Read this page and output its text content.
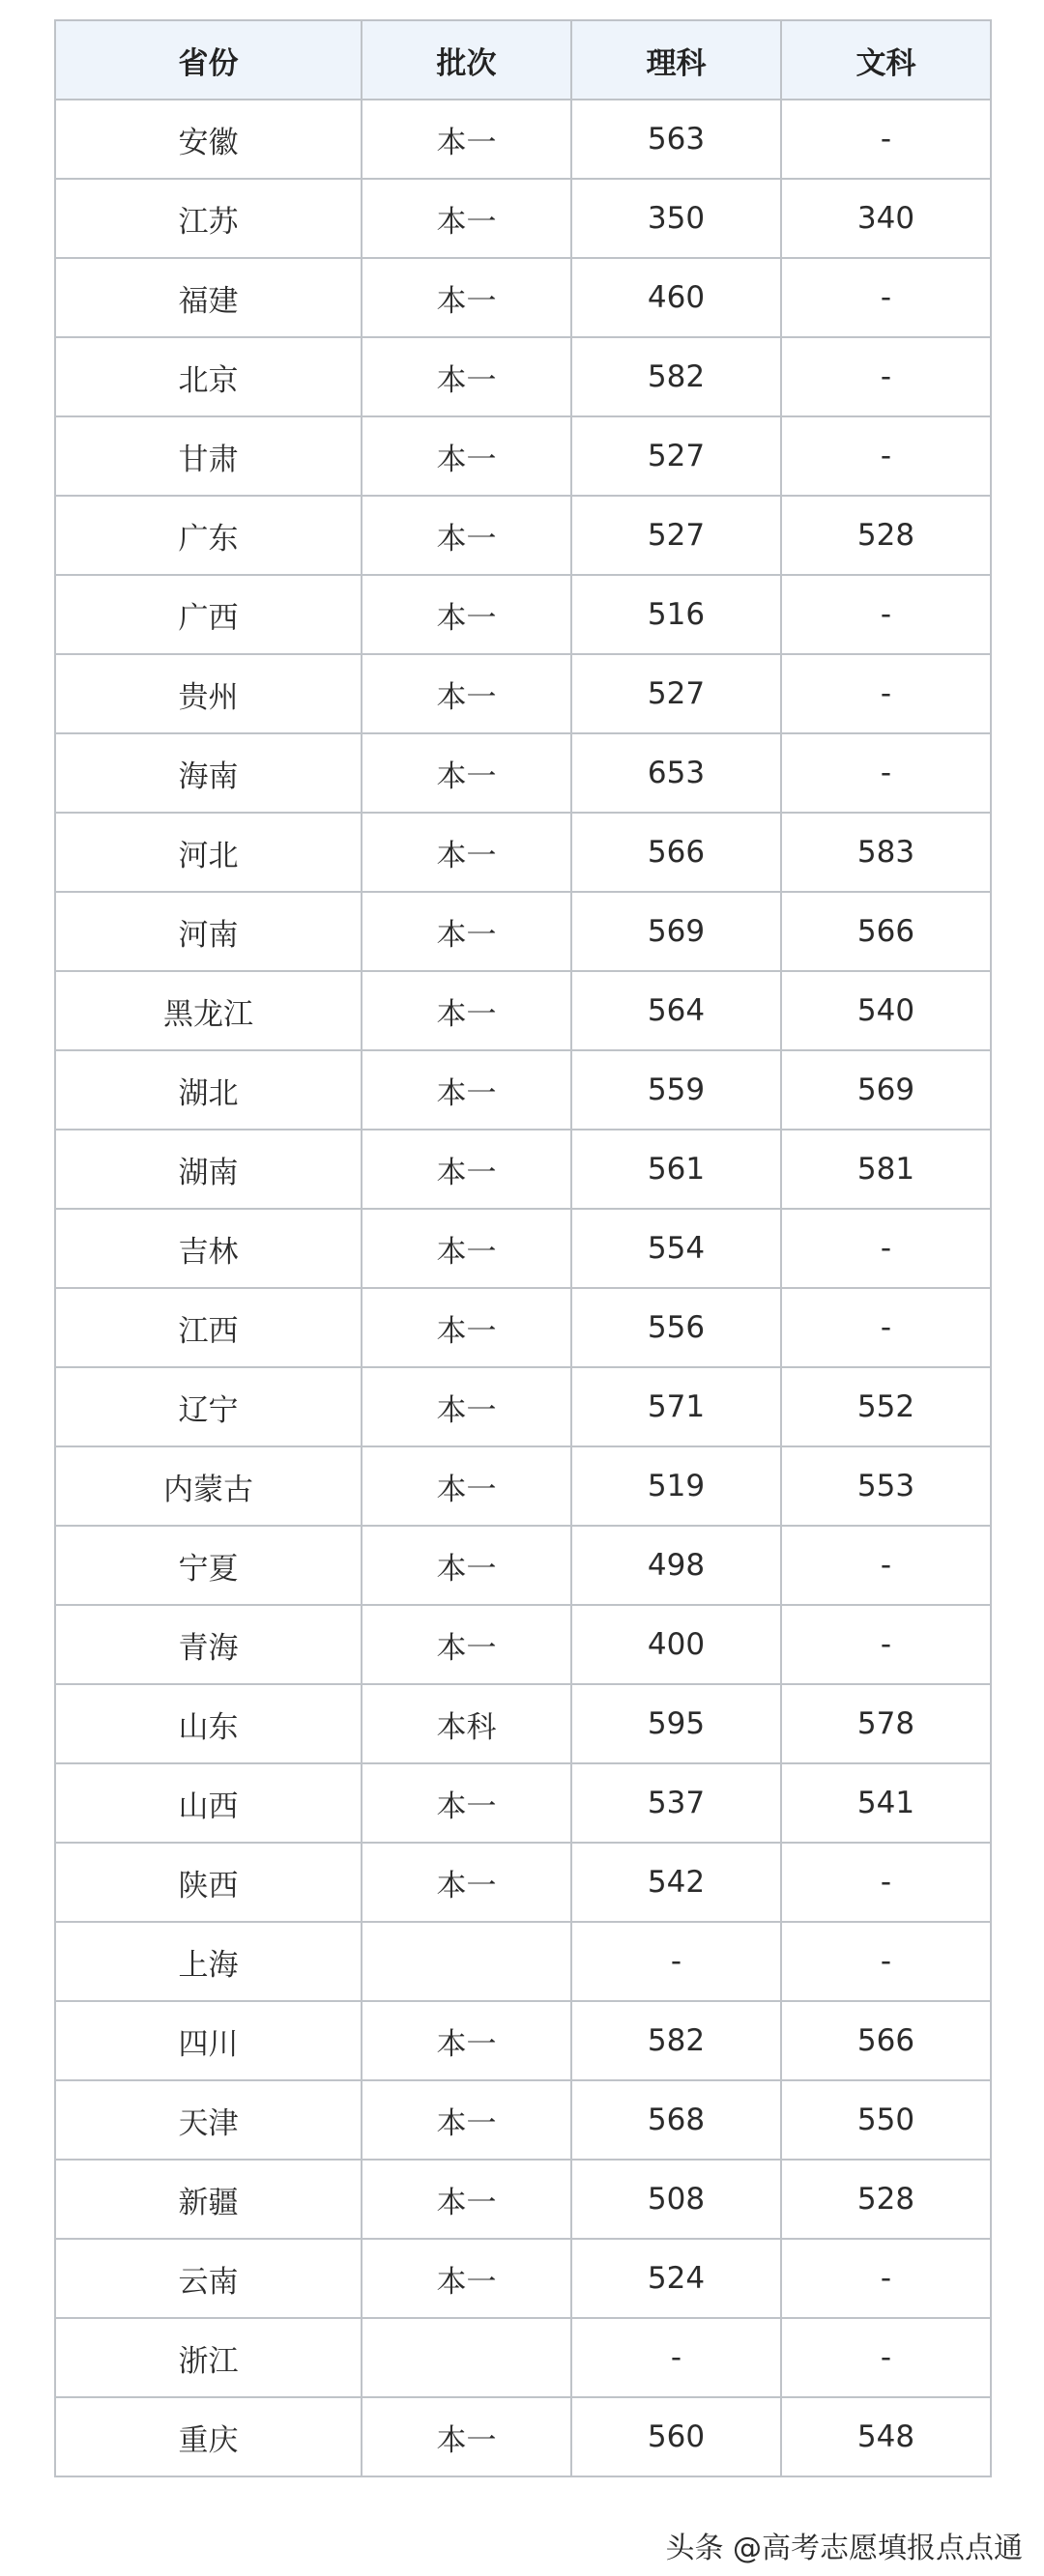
省份	批次	理科	文科
安徽	本一	563	-
江苏	本一	350	340
福建	本一	460	-
北京	本一	582	-
甘肃	本一	527	-
广东	本一	527	528
广西	本一	516	-
贵州	本一	527	-
海南	本一	653	-
河北	本一	566	583
河南	本一	569	566
黑龙江	本一	564	540
湖北	本一	559	569
湖南	本一	561	581
吉林	本一	554	-
江西	本一	556	-
辽宁	本一	571	552
内蒙古	本一	519	553
宁夏	本一	498	-
青海	本一	400	-
山东	本科	595	578
山西	本一	537	541
陕西	本一	542	-
上海		-	-
四川	本一	582	566
天津	本一	568	550
新疆	本一	508	528
云南	本一	524	-
浙江		-	-
重庆	本一	560	548
头条 @高考志愿填报点点通
